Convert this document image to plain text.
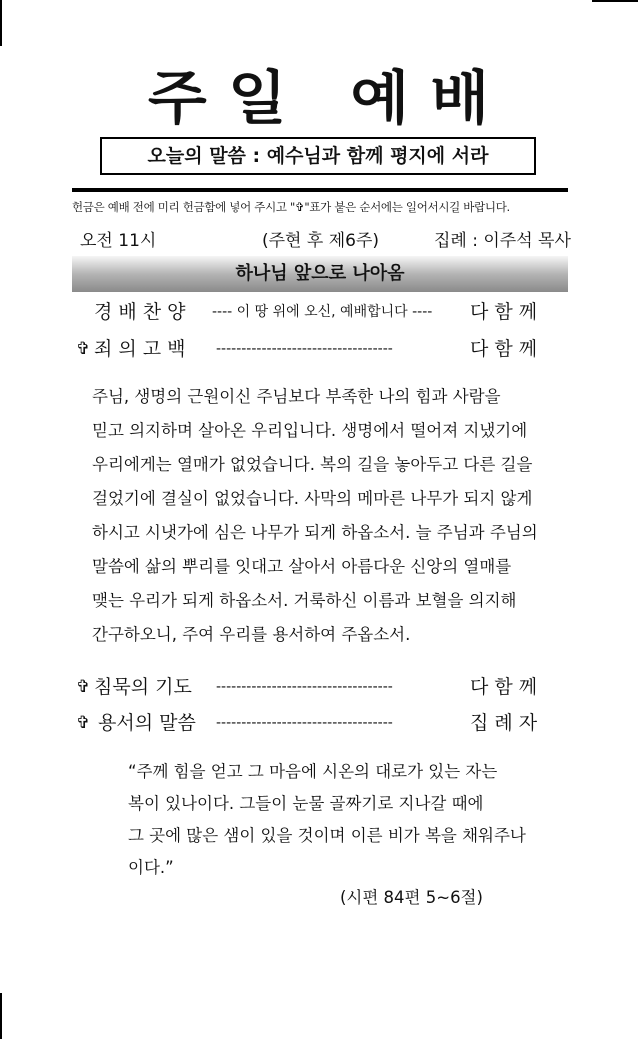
주 일   예 배
오늘의 말씀 : 예수님과 함께 평지에 서라
헌금은 예배 전에 미리 헌금함에 넣어 주시고 "✞"표가 붙은 순서에는 일어서시길 바랍니다.
오전 11시	(주현 후 제6주)	집례 : 이주석 목사
하나님 앞으로 나아옴
경 배 찬 양 ---- 이 땅 위에 오신, 예배합니다 ---- 다 함 께
✞ 죄 의 고 백 -----------------------------------	다 함 께
주님, 생명의 근원이신 주님보다 부족한 나의 힘과 사람을
믿고 의지하며 살아온 우리입니다. 생명에서 떨어져 지냈기에
우리에게는 열매가 없었습니다. 복의 길을 놓아두고 다른 길을
걸었기에 결실이 없었습니다. 사막의 메마른 나무가 되지 않게
하시고 시냇가에 심은 나무가 되게 하옵소서. 늘 주님과 주님의
말씀에 삶의 뿌리를 잇대고 살아서 아름다운 신앙의 열매를
맺는 우리가 되게 하옵소서. 거룩하신 이름과 보혈을 의지해
간구하오니, 주여 우리를 용서하여 주옵소서.
✞ 침묵의 기도 -----------------------------------	다 함 께
✞ 용서의 말씀 -----------------------------------	집 례 자
“주께 힘을 얻고 그 마음에 시온의 대로가 있는 자는
복이 있나이다. 그들이 눈물 골짜기로 지나갈 때에
그 곳에 많은 샘이 있을 것이며 이른 비가 복을 채워주나
이다.”
(시편 84편 5~6절)
